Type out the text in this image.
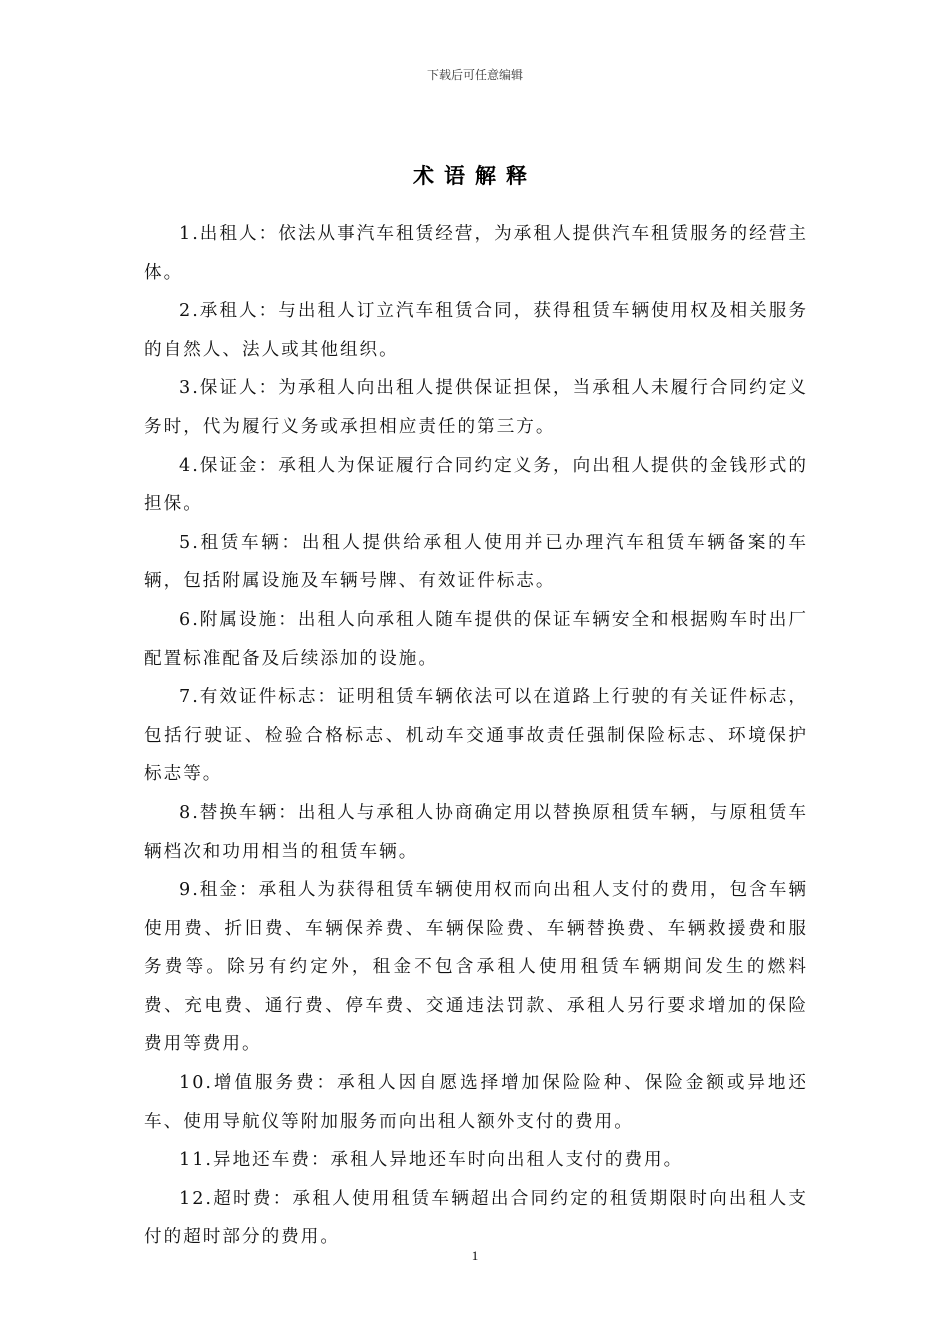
下载后可任意编辑
术语解释

1.出租人：依法从事汽车租赁经营，为承租人提供汽车租赁服务的经营主体。

2.承租人：与出租人订立汽车租赁合同，获得租赁车辆使用权及相关服务的自然人、法人或其他组织。

3.保证人：为承租人向出租人提供保证担保，当承租人未履行合同约定义务时，代为履行义务或承担相应责任的第三方。

4.保证金：承租人为保证履行合同约定义务，向出租人提供的金钱形式的担保。

5.租赁车辆：出租人提供给承租人使用并已办理汽车租赁车辆备案的车辆，包括附属设施及车辆号牌、有效证件标志。

6.附属设施：出租人向承租人随车提供的保证车辆安全和根据购车时出厂配置标准配备及后续添加的设施。

7.有效证件标志：证明租赁车辆依法可以在道路上行驶的有关证件标志，包括行驶证、检验合格标志、机动车交通事故责任强制保险标志、环境保护标志等。

8.替换车辆：出租人与承租人协商确定用以替换原租赁车辆，与原租赁车辆档次和功用相当的租赁车辆。

9.租金：承租人为获得租赁车辆使用权而向出租人支付的费用，包含车辆使用费、折旧费、车辆保养费、车辆保险费、车辆替换费、车辆救援费和服务费等。除另有约定外，租金不包含承租人使用租赁车辆期间发生的燃料费、充电费、通行费、停车费、交通违法罚款、承租人另行要求增加的保险费用等费用。

10.增值服务费：承租人因自愿选择增加保险险种、保险金额或异地还车、使用导航仪等附加服务而向出租人额外支付的费用。

11.异地还车费：承租人异地还车时向出租人支付的费用。

12.超时费：承租人使用租赁车辆超出合同约定的租赁期限时向出租人支付的超时部分的费用。

1
